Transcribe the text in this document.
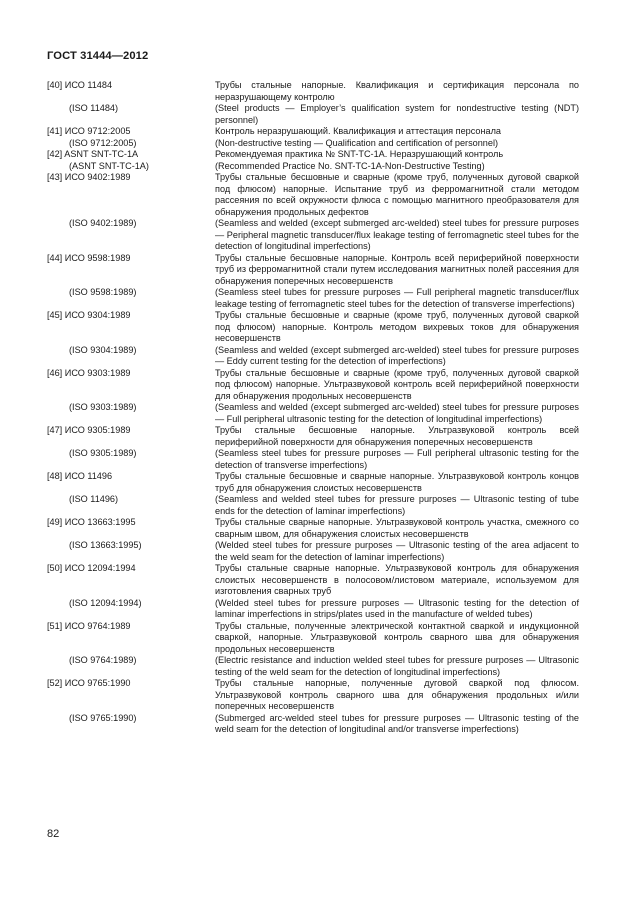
ГОСТ 31444—2012
[40] ИСО 11484	Трубы стальные напорные. Квалификация и сертификация персонала по неразрушающему контролю
(ISO 11484)	(Steel products — Employer’s qualification system for nondestructive testing (NDT) personnel)
[41] ИСО 9712:2005	Контроль неразрушающий. Квалификация и аттестация персонала
(ISO 9712:2005)	(Non-destructive testing — Qualification and certification of personnel)
[42] ASNT SNT-TC-1A	Рекомендуемая практика № SNT-TC-1A. Неразрушающий контроль
(ASNT SNT-TC-1A)	(Recommended Practice No. SNT-TC-1A-Non-Destructive Testing)
[43] ИСО 9402:1989	Трубы стальные бесшовные и сварные (кроме труб, полученных дуговой сваркой под флюсом) напорные. Испытание труб из ферромагнитной стали методом рассеяния по всей окружности флюса с помощью магнитного преобразователя для обнаружения продольных дефектов
(ISO 9402:1989)	(Seamless and welded (except submerged arc-welded) steel tubes for pressure purposes — Peripheral magnetic transducer/flux leakage testing of ferromagnetic steel tubes for the detection of longitudinal imperfections)
[44] ИСО 9598:1989	Трубы стальные бесшовные напорные. Контроль всей периферийной поверхности труб из ферромагнитной стали путем исследования магнитных полей рассеяния для обнаружения поперечных несовершенств
(ISO 9598:1989)	(Seamless steel tubes for pressure purposes — Full peripheral magnetic transducer/flux leakage testing of ferromagnetic steel tubes for the detection of transverse imperfections)
[45] ИСО 9304:1989	Трубы стальные бесшовные и сварные (кроме труб, полученных дуговой сваркой под флюсом) напорные. Контроль методом вихревых токов для обнаружения несовершенств
(ISO 9304:1989)	(Seamless and welded (except submerged arc-welded) steel tubes for pressure purposes — Eddy current testing for the detection of imperfections)
[46] ИСО 9303:1989	Трубы стальные бесшовные и сварные (кроме труб, полученных дуговой сваркой под флюсом) напорные. Ультразвуковой контроль всей периферийной поверхности для обнаружения продольных несовершенств
(ISO 9303:1989)	(Seamless and welded (except submerged arc-welded) steel tubes for pressure purposes — Full peripheral ultrasonic testing for the detection of longitudinal imperfections)
[47] ИСО 9305:1989	Трубы стальные бесшовные напорные. Ультразвуковой контроль всей периферийной поверхности для обнаружения поперечных несовершенств
(ISO 9305:1989)	(Seamless steel tubes for pressure purposes — Full peripheral ultrasonic testing for the detection of transverse imperfections)
[48] ИСО 11496	Трубы стальные бесшовные и сварные напорные. Ультразвуковой контроль концов труб для обнаружения слоистых несовершенств
(ISO 11496)	(Seamless and welded steel tubes for pressure purposes — Ultrasonic testing of tube ends for the detection of laminar imperfections)
[49] ИСО 13663:1995	Трубы стальные сварные напорные. Ультразвуковой контроль участка, смежного со сварным швом, для обнаружения слоистых несовершенств
(ISO 13663:1995)	(Welded steel tubes for pressure purposes — Ultrasonic testing of the area adjacent to the weld seam for the detection of laminar imperfections)
[50] ИСО 12094:1994	Трубы стальные сварные напорные. Ультразвуковой контроль для обнаружения слоистых несовершенств в полосовом/листовом материале, используемом для изготовления сварных труб
(ISO 12094:1994)	(Welded steel tubes for pressure purposes — Ultrasonic testing for the detection of laminar imperfections in strips/plates used in the manufacture of welded tubes)
[51] ИСО 9764:1989	Трубы стальные, полученные электрической контактной сваркой и индукционной сваркой, напорные. Ультразвуковой контроль сварного шва для обнаружения продольных несовершенств
(ISO 9764:1989)	(Electric resistance and induction welded steel tubes for pressure purposes — Ultrasonic testing of the weld seam for the detection of longitudinal imperfections)
[52] ИСО 9765:1990	Трубы стальные напорные, полученные дуговой сваркой под флюсом. Ультразвуковой контроль сварного шва для обнаружения продольных и/или поперечных несовершенств
(ISO 9765:1990)	(Submerged arc-welded steel tubes for pressure purposes — Ultrasonic testing of the weld seam for the detection of longitudinal and/or transverse imperfections)
82
